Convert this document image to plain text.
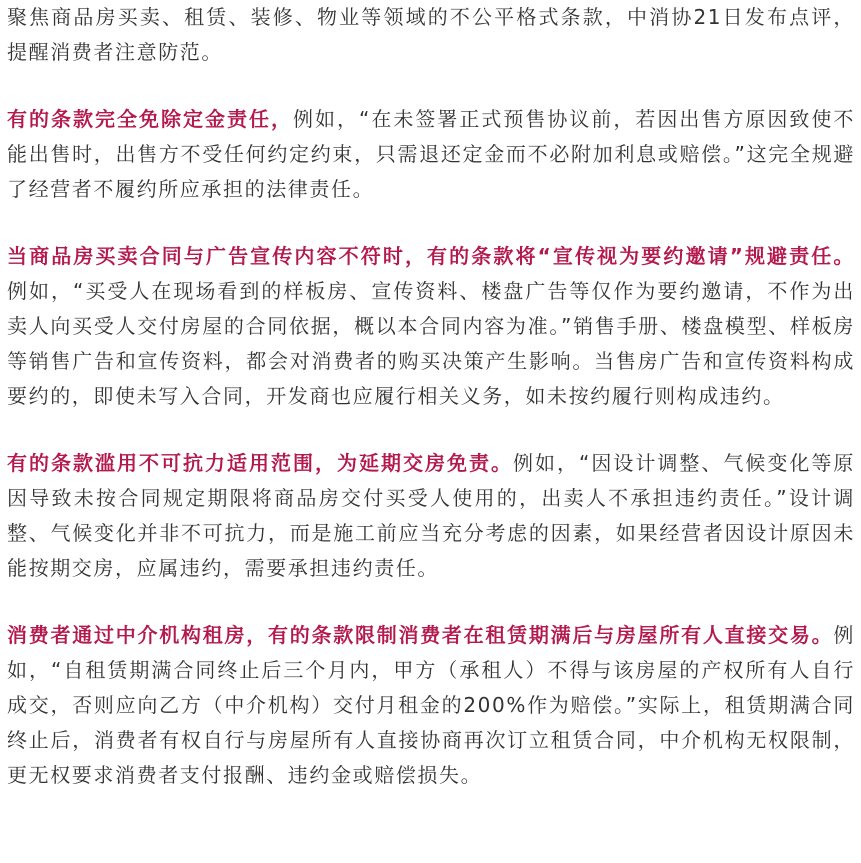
聚焦商品房买卖、租赁、装修、物业等领域的不公平格式条款，中消协21日发布点评，提醒消费者注意防范。

有的条款完全免除定金责任，例如，“在未签署正式预售协议前，若因出售方原因致使不能出售时，出售方不受任何约定约束，只需退还定金而不必附加利息或赔偿。”这完全规避了经营者不履约所应承担的法律责任。

当商品房买卖合同与广告宣传内容不符时，有的条款将“宣传视为要约邀请”规避责任。例如，“买受人在现场看到的样板房、宣传资料、楼盘广告等仅作为要约邀请，不作为出卖人向买受人交付房屋的合同依据，概以本合同内容为准。”销售手册、楼盘模型、样板房等销售广告和宣传资料，都会对消费者的购买决策产生影响。当售房广告和宣传资料构成要约的，即使未写入合同，开发商也应履行相关义务，如未按约履行则构成违约。

有的条款滥用不可抗力适用范围，为延期交房免责。例如，“因设计调整、气候变化等原因导致未按合同规定期限将商品房交付买受人使用的，出卖人不承担违约责任。”设计调整、气候变化并非不可抗力，而是施工前应当充分考虑的因素，如果经营者因设计原因未能按期交房，应属违约，需要承担违约责任。

消费者通过中介机构租房，有的条款限制消费者在租赁期满后与房屋所有人直接交易。例如，“自租赁期满合同终止后三个月内，甲方（承租人）不得与该房屋的产权所有人自行成交，否则应向乙方（中介机构）交付月租金的200%作为赔偿。”实际上，租赁期满合同终止后，消费者有权自行与房屋所有人直接协商再次订立租赁合同，中介机构无权限制，更无权要求消费者支付报酬、违约金或赔偿损失。
